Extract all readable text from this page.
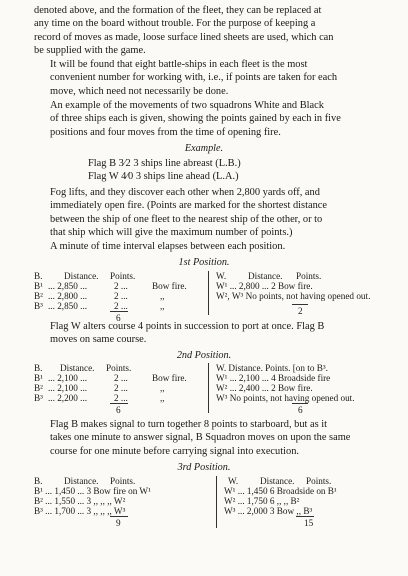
denoted above, and the formation of the fleet, they can be replaced at
any time on the board without trouble. For the purpose of keeping a
record of moves as made, loose surface lined sheets are used, which can
be supplied with the game.

It will be found that eight battle-ships in each fleet is the most
convenient number for working with, i.e., if points are taken for each
move, which need not necessarily be done.

An example of the movements of two squadrons White and Black
of three ships each is given, showing the points gained by each in five
positions and four moves from the time of opening fire.

Example.
Flag B 3⁄2 3 ships line abreast (L.B.)
Flag W 4⁄0 3 ships line ahead (L.A.)

Fog lifts, and they discover each other when 2,800 yards off, and
immediately open fire. (Points are marked for the shortest distance
between the ship of one fleet to the nearest ship of the other, or to
that ship which will give the maximum number of points.)

A minute of time interval elapses between each position.
1st Position.
B. Distance. Points.
B¹ ... 2,850 ...	2 ...	Bow fire.
B² ... 2,800 ...	2 ...	,,
B³ ... 2,850 ...	2 ...	,,
6
W. Distance. Points.
W¹ ... 2,800 ... 2 Bow fire.
W², W³ No points, not having opened out.
2

Flag W alters course 4 points in succession to port at once. Flag B
moves on same course.

2nd Position.
B. Distance. Points.
B¹ ... 2,100 ...	2 ...	Bow fire.
B² ... 2,100 ...	2 ...	,,
B³ ... 2,200 ...	2 ...	,,
6
W. Distance. Points. [on to B³.
W¹ ... 2,100 ... 4 Broadside fire
W² ... 2,400 ... 2 Bow fire.
W³ No points, not having opened out.
6

Flag B makes signal to turn together 8 points to starboard, but as it
takes one minute to answer signal, B Squadron moves on upon the same
course for one minute before carrying signal into execution.

3rd Position.
B. Distance. Points.
B¹ ... 1,450 ... 3 Bow fire on W¹
B² ... 1,550 ... 3 ,, ,, ,, W²
B³ ... 1,700 ... 3 ,, ,, ,, W³
9
W. Distance. Points.
W¹ ... 1,450 6 Broadside on B¹
W² ... 1,750 6 ,, ,, B²
W³ ... 2,000 3 Bow ,, B³
15
